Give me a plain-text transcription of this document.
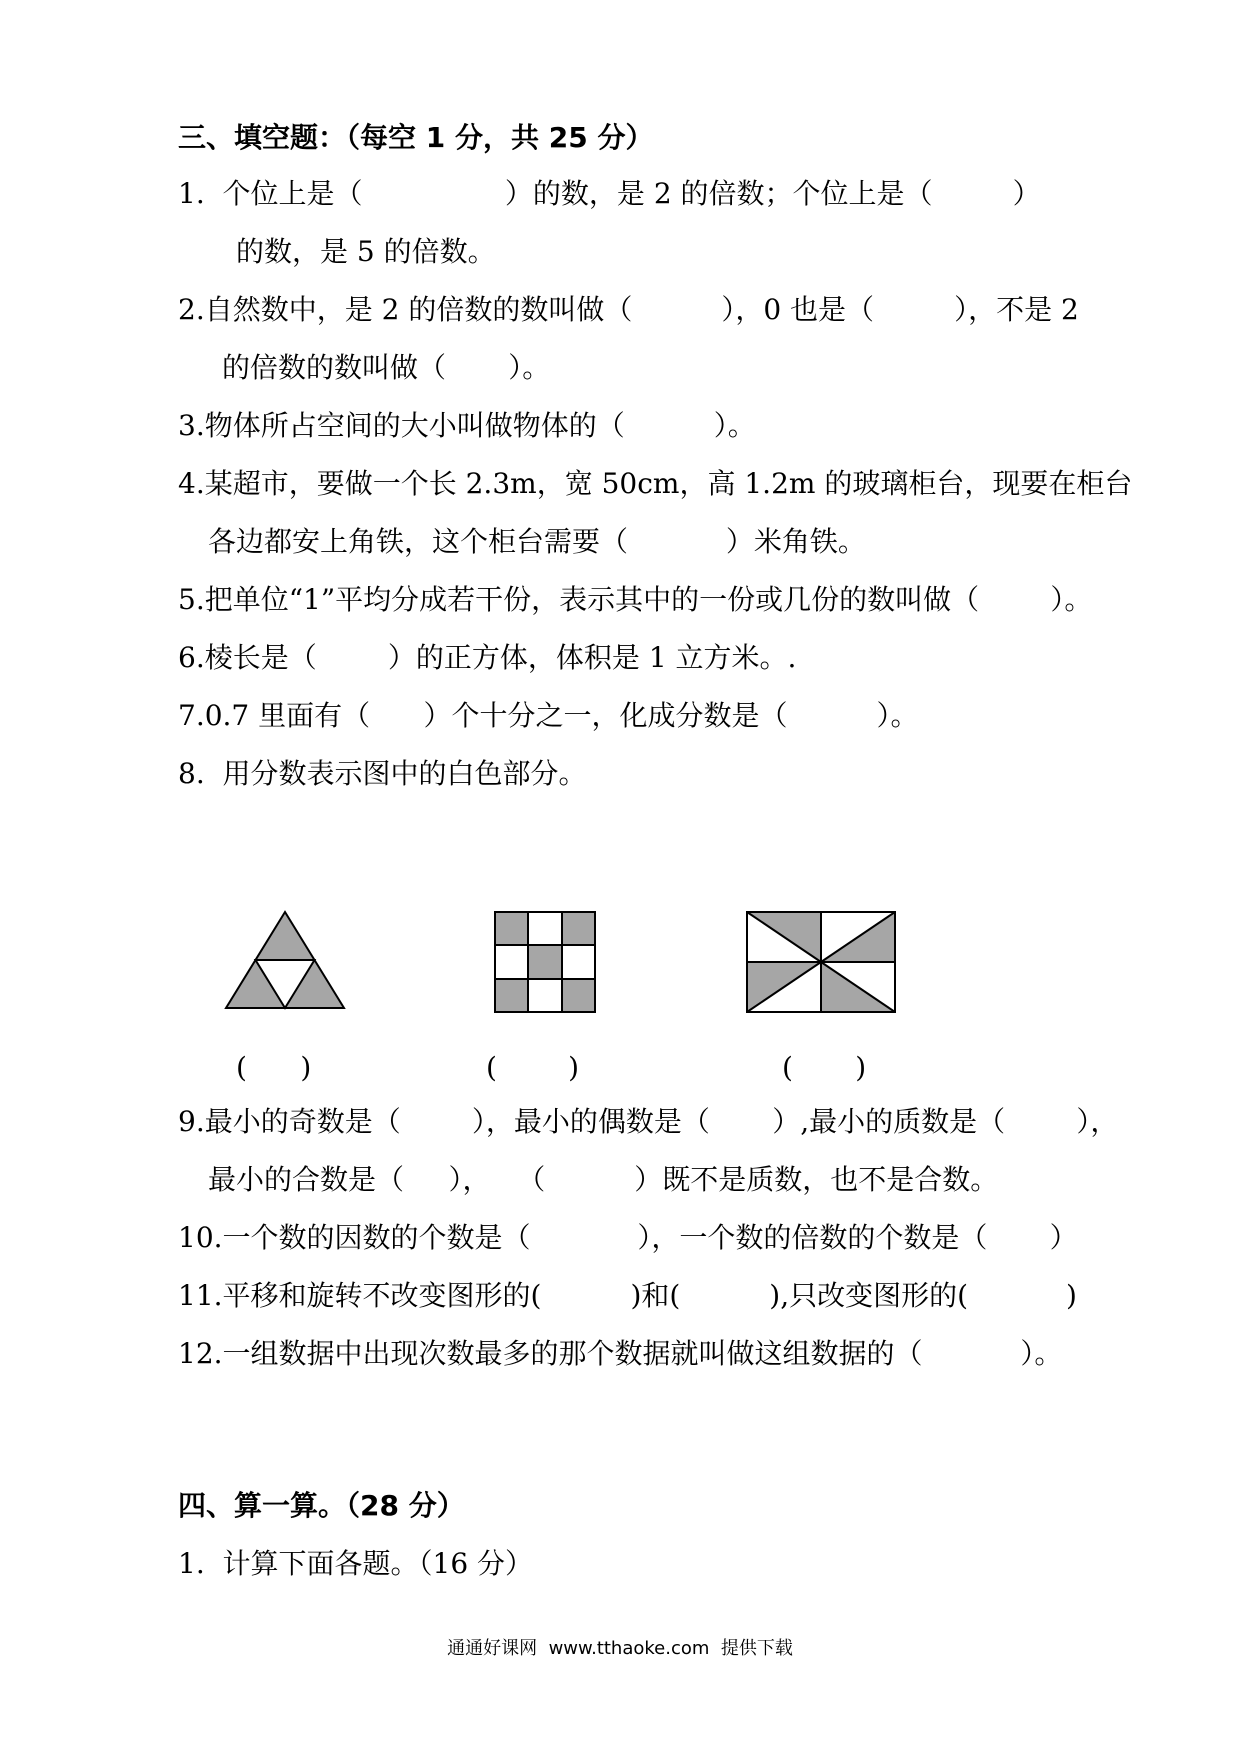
三、填空题：（每空 1 分，共 25 分）
1.  个位上是（                ）的数，是 2 的倍数；个位上是（         ）
的数，是 5 的倍数。
2.自然数中，是 2 的倍数的数叫做（          ），0 也是（         ），不是 2
的倍数的数叫做（       ）。
3.物体所占空间的大小叫做物体的（          ）。
4.某超市，要做一个长 2.3m，宽 50cm，高 1.2m 的玻璃柜台，现要在柜台
各边都安上角铁，这个柜台需要（           ）米角铁。
5.把单位“1”平均分成若干份，表示其中的一份或几份的数叫做（        ）。
6.棱长是（        ）的正方体，体积是 1 立方米。.
7.0.7 里面有（      ）个十分之一，化成分数是（          ）。
8.  用分数表示图中的白色部分。
(      )	(        )	(       )
9.最小的奇数是（        ），最小的偶数是（       ）,最小的质数是（        ），
最小的合数是（     ），   （          ）既不是质数，也不是合数。
10.一个数的因数的个数是（            ），一个数的倍数的个数是（       ）
11.平移和旋转不改变图形的(          )和(          ),只改变图形的(           )
12.一组数据中出现次数最多的那个数据就叫做这组数据的（           ）。
四、算一算。（28 分）
1.  计算下面各题。（16 分）
通通好课网  www.tthaoke.com  提供下载
